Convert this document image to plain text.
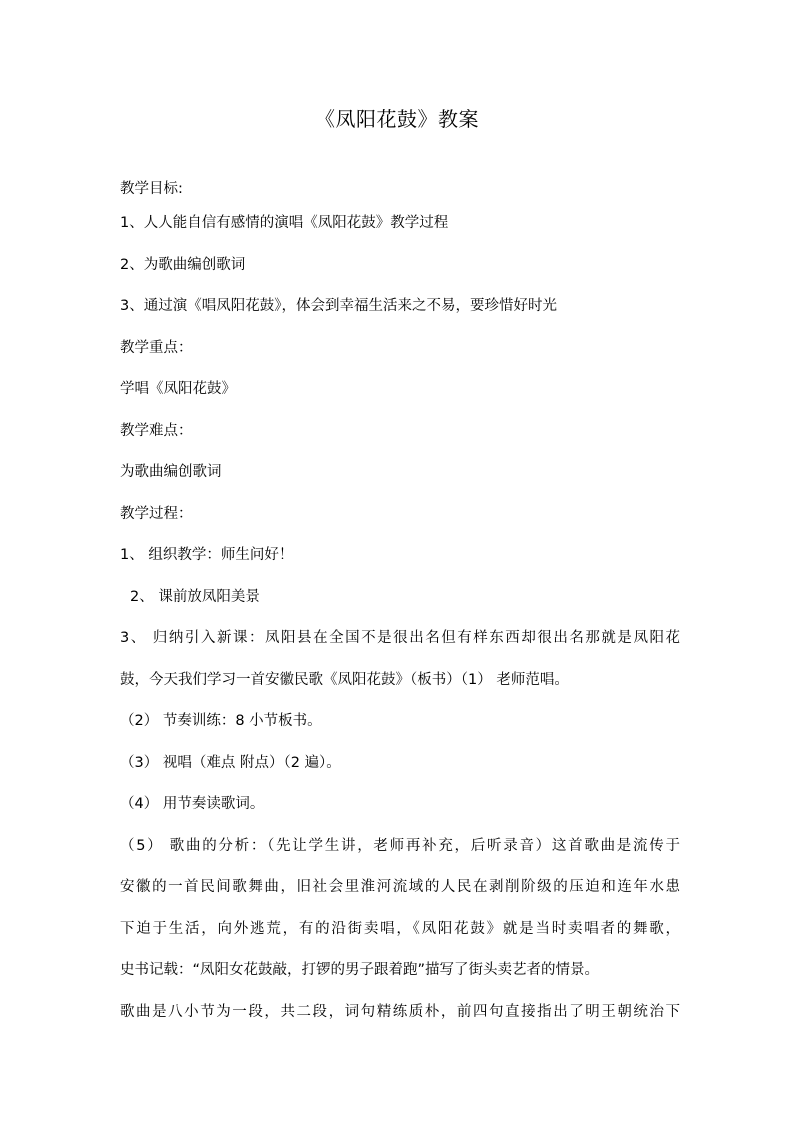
《凤阳花鼓》教案
教学目标:
1、人人能自信有感情的演唱《凤阳花鼓》教学过程
2、为歌曲编创歌词
3、通过演《唱凤阳花鼓》，体会到幸福生活来之不易，要珍惜好时光
教学重点：
学唱《凤阳花鼓》
教学难点：
为歌曲编创歌词
教学过程：
1、 组织教学：师生问好！
2、 课前放凤阳美景
3、 归纳引入新课：凤阳县在全国不是很出名但有样东西却很出名那就是凤阳花
鼓，今天我们学习一首安徽民歌《凤阳花鼓》（板书）（1） 老师范唱。
（2） 节奏训练：8 小节板书。
（3） 视唱（难点 附点）（2 遍）。
（4） 用节奏读歌词。
（5） 歌曲的分析：（先让学生讲，老师再补充，后听录音）这首歌曲是流传于
安徽的一首民间歌舞曲，旧社会里淮河流域的人民在剥削阶级的压迫和连年水患
下迫于生活，向外逃荒，有的沿街卖唱，《凤阳花鼓》就是当时卖唱者的舞歌，
史书记载：“凤阳女花鼓敲，打锣的男子跟着跑”描写了街头卖艺者的情景。
歌曲是八小节为一段，共二段，词句精练质朴，前四句直接指出了明王朝统治下
